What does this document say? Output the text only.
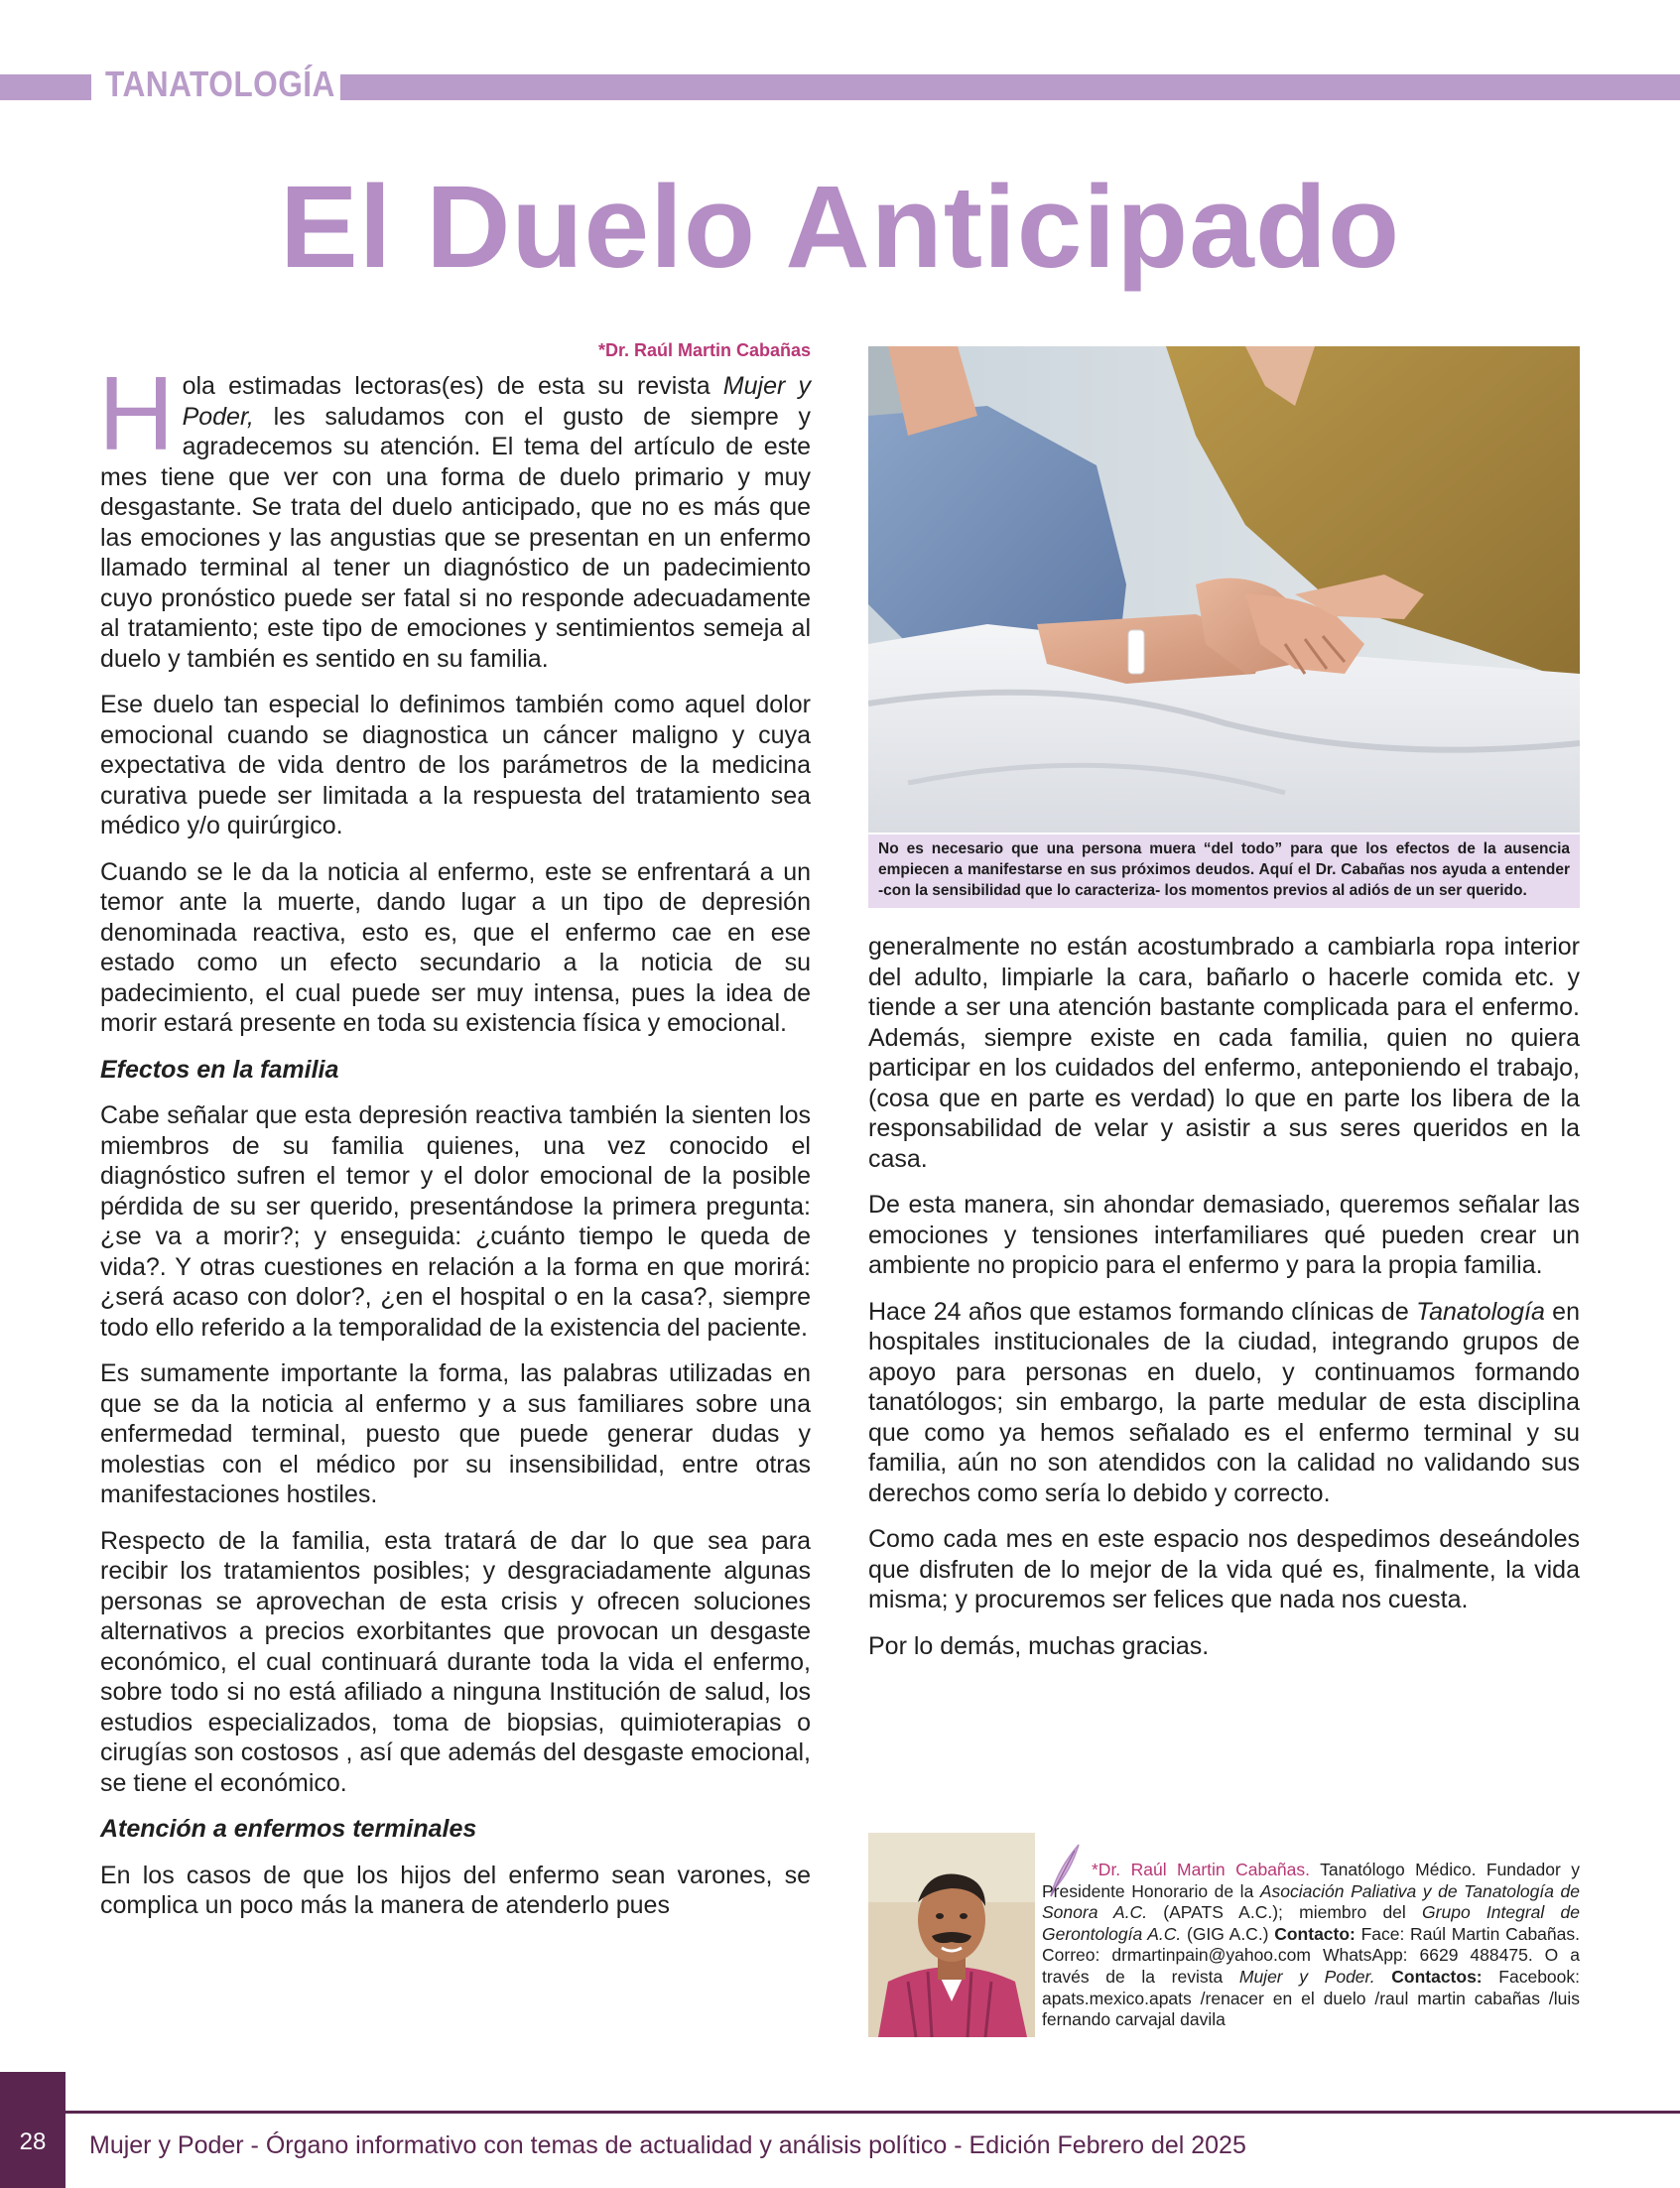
TANATOLOGÍA
El Duelo Anticipado
*Dr. Raúl Martin Cabañas

Hola estimadas lectoras(es) de esta su revista Mujer y Poder, les saludamos con el gusto de siempre y agradecemos su atención. El tema del artículo de este mes tiene que ver con una forma de duelo primario y muy desgastante. Se trata del duelo anticipado, que no es más que las emociones y las angustias que se presentan en un enfermo llamado terminal al tener un diagnóstico de un padecimiento cuyo pronóstico puede ser fatal si no responde adecuadamente al tratamiento; este tipo de emociones y sentimientos semeja al duelo y también es sentido en su familia.

Ese duelo tan especial lo definimos también como aquel dolor emocional cuando se diagnostica un cáncer maligno y cuya expectativa de vida dentro de los parámetros de la medicina curativa puede ser limitada a la respuesta del tratamiento sea médico y/o quirúrgico.

Cuando se le da la noticia al enfermo, este se enfrentará a un temor ante la muerte, dando lugar a un tipo de depresión denominada reactiva, esto es, que el enfermo cae en ese estado como un efecto secundario a la noticia de su padecimiento, el cual puede ser muy intensa, pues la idea de morir estará presente en toda su existencia física y emocional.

Efectos en la familia

Cabe señalar que esta depresión reactiva también la sienten los miembros de su familia quienes, una vez conocido el diagnóstico sufren el temor y el dolor emocional de la posible pérdida de su ser querido, presentándose la primera pregunta: ¿se va a morir?; y enseguida: ¿cuánto tiempo le queda de vida?. Y otras cuestiones en relación a la forma en que morirá: ¿será acaso con dolor?, ¿en el hospital o en la casa?, siempre todo ello referido a la temporalidad de la existencia del paciente.

Es sumamente importante la forma, las palabras utilizadas en que se da la noticia al enfermo y a sus familiares sobre una enfermedad terminal, puesto que puede generar dudas y molestias con el médico por su insensibilidad, entre otras manifestaciones hostiles.

Respecto de la familia, esta tratará de dar lo que sea para recibir los tratamientos posibles; y desgraciadamente algunas personas se aprovechan de esta crisis y ofrecen soluciones alternativos a precios exorbitantes que provocan un desgaste económico, el cual continuará durante toda la vida el enfermo, sobre todo si no está afiliado a ninguna Institución de salud, los estudios especializados, toma de biopsias, quimioterapias o cirugías son costosos , así que además del desgaste emocional, se tiene el económico.

Atención a enfermos terminales

En los casos de que los hijos del enfermo sean varones, se complica un poco más la manera de atenderlo pues

No es necesario que una persona muera “del todo” para que los efectos de la ausencia empiecen a manifestarse en sus próximos deudos. Aquí el Dr. Cabañas nos ayuda a entender -con la sensibilidad que lo caracteriza- los momentos previos al adiós de un ser querido.

generalmente no están acostumbrado a cambiarla ropa interior del adulto, limpiarle la cara, bañarlo o hacerle comida etc. y tiende a ser una atención bastante complicada para el enfermo. Además, siempre existe en cada familia, quien no quiera participar en los cuidados del enfermo, anteponiendo el trabajo, (cosa que en parte es verdad) lo que en parte los libera de la responsabilidad de velar y asistir a sus seres queridos en la casa.

De esta manera, sin ahondar demasiado, queremos señalar las emociones y tensiones interfamiliares qué pueden crear un ambiente no propicio para el enfermo y para la propia familia.

Hace 24 años que estamos formando clínicas de Tanatología en hospitales institucionales de la ciudad, integrando grupos de apoyo para personas en duelo, y continuamos formando tanatólogos; sin embargo, la parte medular de esta disciplina que como ya hemos señalado es el enfermo terminal y su familia, aún no son atendidos con la calidad no validando sus derechos como sería lo debido y correcto.

Como cada mes en este espacio nos despedimos deseándoles que disfruten de lo mejor de la vida qué es, finalmente, la vida misma; y procuremos ser felices que nada nos cuesta.

Por lo demás, muchas gracias.

*Dr. Raúl Martin Cabañas. Tanatólogo Médico. Fundador y Presidente Honorario de la Asociación Paliativa y de Tanatología de Sonora A.C. (APATS A.C.); miembro del Grupo Integral de Gerontología A.C. (GIG A.C.) Contacto: Face: Raúl Martin Cabañas. Correo: drmartinpain@yahoo.com WhatsApp: 6629 488475. O a través de la revista Mujer y Poder. Contactos: Facebook: apats.mexico.apats /renacer en el duelo /raul martin cabañas /luis fernando carvajal davila
28	Mujer y Poder - Órgano informativo con temas de actualidad y análisis político - Edición Febrero del 2025
